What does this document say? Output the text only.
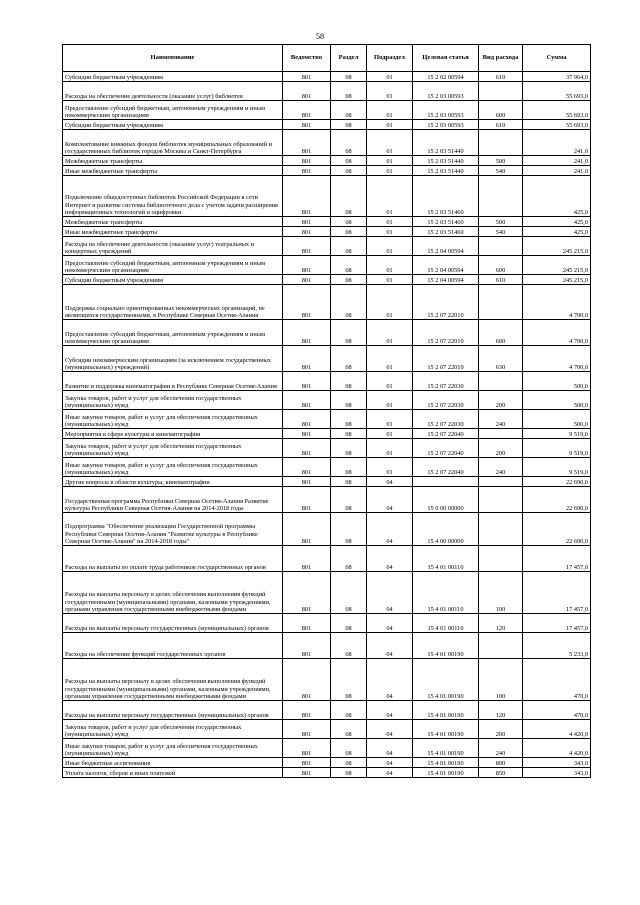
58
Наименование	Ведомство	Раздел	Подраздел	Целевая статья	Вид расхода	Сумма
Субсидии бюджетным учреждениям	801	08	01	15 2 02 00594	610	37 964,0
Расходы на обеспечение деятельности (оказание услуг) библиотек	801	08	01	15 2 03 00593		55 693,0
Предоставление субсидий бюджетным, автономным учреждениям и иным некоммерческим организациям	801	08	01	15 2 03 00593	600	55 693,0
Субсидии бюджетным учреждениям	801	08	01	15 2 03 00593	610	55 693,0
Комплектование книжных фондов библиотек муниципальных образований и государственных библиотек городов Москвы и Санкт-Петербурга	801	08	01	15 2 03 51440		241,0
Межбюджетные трансферты	801	08	01	15 2 03 51440	500	241,0
Иные межбюджетные трансферты	801	08	01	15 2 03 51440	540	241,0
Подключение общедоступных библиотек Российской Федерации к сети Интернет и развитие системы библиотечного дела с учетом задачи расширения информационных технологий и оцифровки	801	08	01	15 2 03 51460		425,0
Межбюджетные трансферты	801	08	01	15 2 03 51460	500	425,0
Иные межбюджетные трансферты	801	08	01	15 2 03 51460	540	425,0
Расходы на обеспечение деятельности (оказание услуг) театральных и концертных учреждений	801	08	01	15 2 04 00594		245 215,0
Предоставление субсидий бюджетным, автономным учреждениям и иным некоммерческим организациям	801	08	01	15 2 04 00594	600	245 215,0
Субсидии бюджетным учреждениям	801	08	01	15 2 04 00594	610	245 215,0
Поддержка социально ориентированных некоммерческих организаций, не являющихся государственными, в Республике Северная Осетия-Алания	801	08	01	15 2 07 22010		4 700,0
Предоставление субсидий бюджетным, автономным учреждениям и иным некоммерческим организациям	801	08	01	15 2 07 22010	600	4 700,0
Субсидии некоммерческим организациям (за исключением государственных (муниципальных) учреждений)	801	08	01	15 2 07 22010	630	4 700,0
Развитие и поддержка кинематографии в Республике Северная Осетия-Алания	801	08	01	15 2 07 22030		500,0
Закупка товаров, работ и услуг для обеспечения государственных (муниципальных) нужд	801	08	01	15 2 07 22030	200	500,0
Иные закупки товаров, работ и услуг для обеспечения государственных (муниципальных) нужд	801	08	01	15 2 07 22030	240	500,0
Мероприятия в сфере культуры и кинематографии	801	08	01	15 2 07 22040		9 519,0
Закупка товаров, работ и услуг для обеспечения государственных (муниципальных) нужд	801	08	01	15 2 07 22040	200	9 519,0
Иные закупки товаров, работ и услуг для обеспечения государственных (муниципальных) нужд	801	08	01	15 2 07 22040	240	9 519,0
Другие вопросы в области культуры, кинематографии	801	08	04			22 690,0
Государственная программа Республики Северная Осетия-Алания Развитие культуры Республики Северная Осетия-Алания на 2014-2018 годы	801	08	04	15 0 00 00000		22 690,0
Подпрограмма "Обеспечение реализации Государственной программы Республики Северная Осетия-Алания "Развитие культуры в Республике Северная Осетия-Алания" на 2014-2018 годы"	801	08	04	15 4 00 00000		22 690,0
Расходы на выплаты по оплате труда работников государственных органов	801	08	04	15 4 01 00110		17 457,0
Расходы на выплаты персоналу в целях обеспечения выполнения функций государственными (муниципальными) органами, казенными учреждениями, органами управления государственными внебюджетными фондами	801	08	04	15 4 01 00110	100	17 457,0
Расходы на выплаты персоналу государственных (муниципальных) органов	801	08	04	15 4 01 00110	120	17 457,0
Расходы на обеспечение функций государственных органов	801	08	04	15 4 01 00190		5 233,0
Расходы на выплаты персоналу в целях обеспечения выполнения функций государственными (муниципальными) органами, казенными учреждениями, органами управления государственными внебюджетными фондами	801	08	04	15 4 01 00190	100	470,0
Расходы на выплаты персоналу государственных (муниципальных) органов	801	08	04	15 4 01 00190	120	470,0
Закупка товаров, работ и услуг для обеспечения государственных (муниципальных) нужд	801	08	04	15 4 01 00190	200	4 420,0
Иные закупки товаров, работ и услуг для обеспечения государственных (муниципальных) нужд	801	08	04	15 4 01 00190	240	4 420,0
Иные бюджетные ассигнования	801	08	04	15 4 01 00190	800	343,0
Уплата налогов, сборов и иных платежей	801	08	04	15 4 01 00190	850	343,0
